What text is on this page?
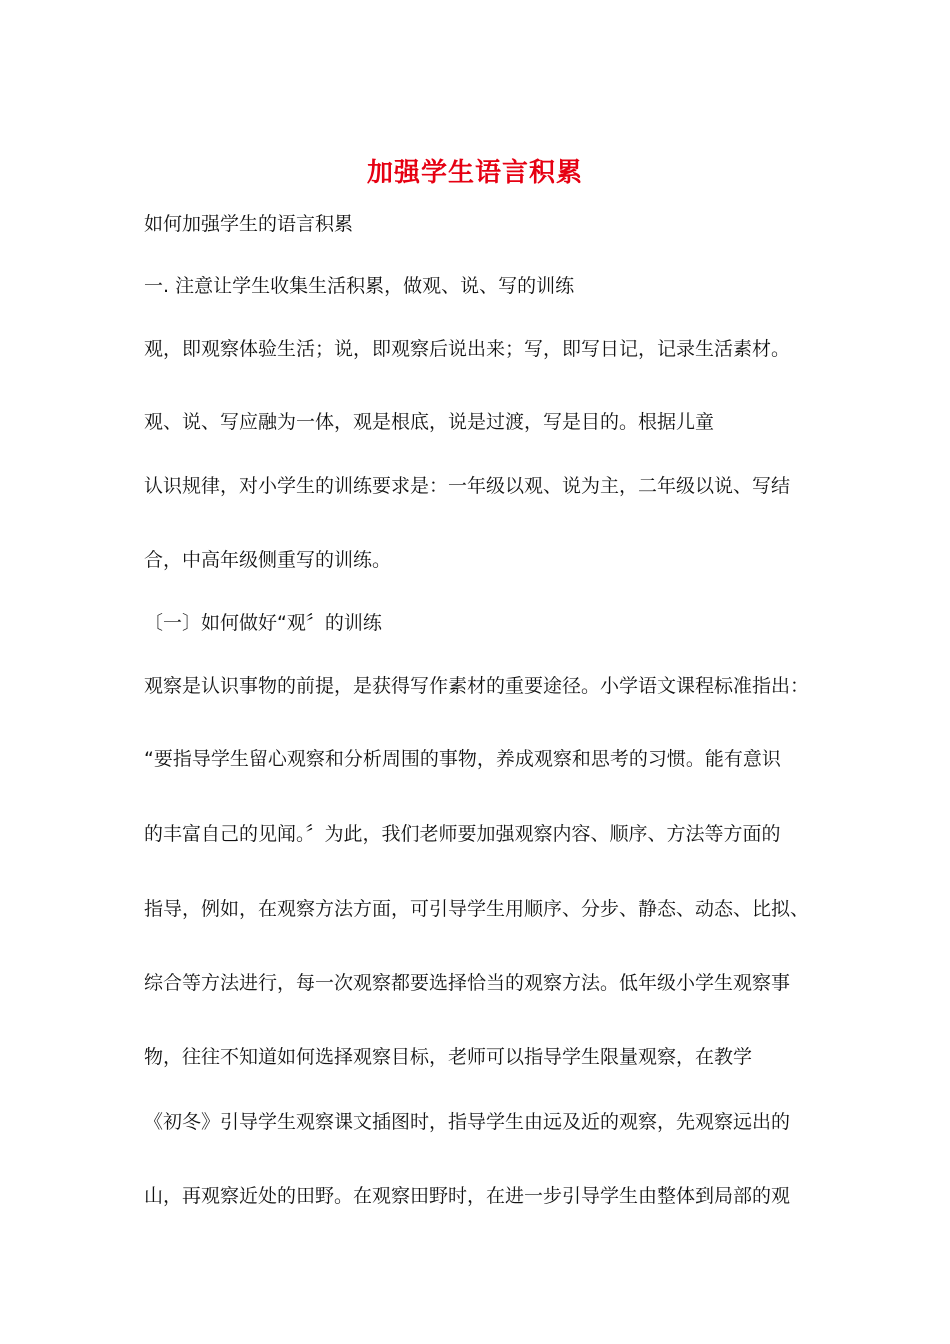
加强学生语言积累
如何加强学生的语言积累
一. 注意让学生收集生活积累，做观、说、写的训练
观，即观察体验生活；说，即观察后说出来；写，即写日记，记录生活素材。
观、说、写应融为一体，观是根底，说是过渡，写是目的。根据儿童
认识规律，对小学生的训练要求是：一年级以观、说为主，二年级以说、写结
合，中高年级侧重写的训练。
〔一〕如何做好“观〞的训练
观察是认识事物的前提，是获得写作素材的重要途径。小学语文课程标准指出：
“要指导学生留心观察和分析周围的事物，养成观察和思考的习惯。能有意识
的丰富自己的见闻。〞为此，我们老师要加强观察内容、顺序、方法等方面的
指导，例如，在观察方法方面，可引导学生用顺序、分步、静态、动态、比拟、
综合等方法进行，每一次观察都要选择恰当的观察方法。低年级小学生观察事
物，往往不知道如何选择观察目标，老师可以指导学生限量观察，在教学
《初冬》引导学生观察课文插图时，指导学生由远及近的观察，先观察远出的
山，再观察近处的田野。在观察田野时，在进一步引导学生由整体到局部的观
